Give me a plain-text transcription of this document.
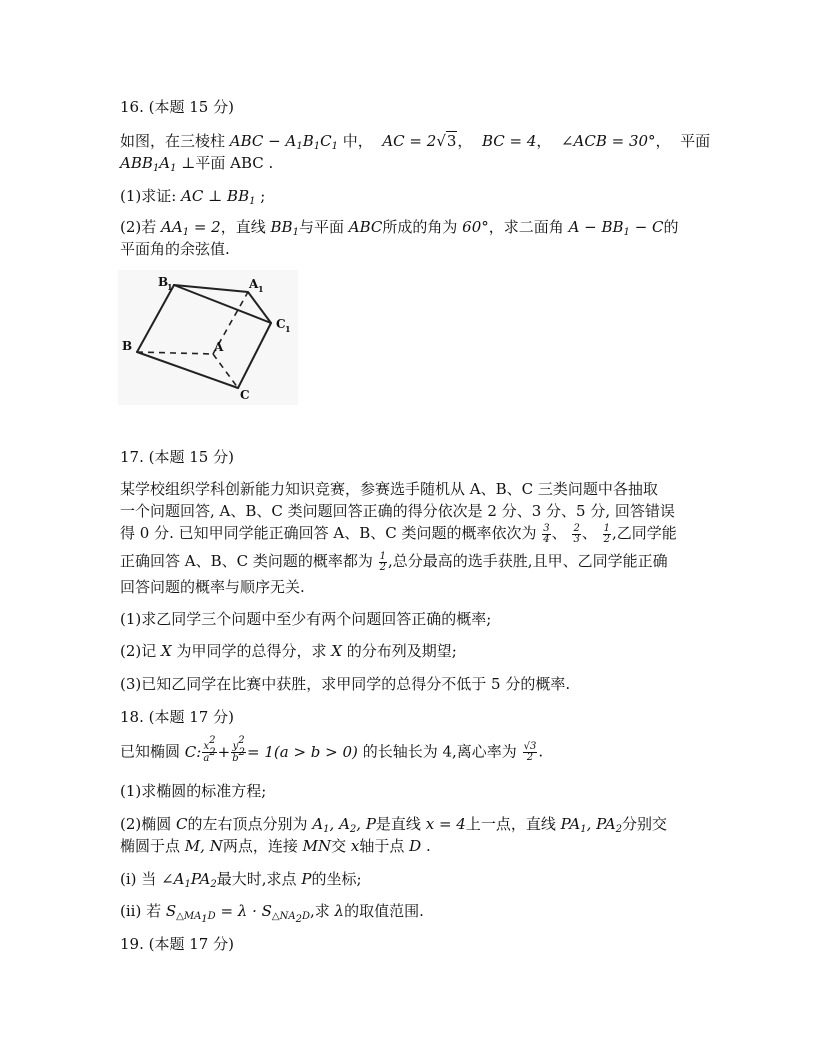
16. (本题 15 分)
如图，在三棱柱 ABC − $A_1B_1C_1$ 中， AC = 2√3，  BC = 4，  ∠ACB = 30°，  平面
$ABB_1A_1$ ⊥平面 ABC .
(1)求证: AC ⊥ $BB_1$ ;
(2)若 $AA_1 = 2$，直线 $BB_1$与平面 ABC所成的角为 60°，求二面角 $A - BB_1 - C$的
平面角的余弦值.
B
1	A 1
C 1
B	A
C
17. (本题 15 分)
某学校组织学科创新能力知识竞赛，参赛选手随机从 A、B、C 三类问题中各抽取
一个问题回答, A、B、C 类问题回答正确的得分依次是 2 分、3 分、5 分, 回答错误
得 0 分. 已知甲同学能正确回答 A、B、C 类问题的概率依次为 $\frac{3}{4}$ 、 $\frac{2}{3}$ 、 $\frac{1}{2}$ ,乙同学能
正确回答 A、B、C 类问题的概率都为 $\frac{1}{2}$ ,总分最高的选手获胜,且甲、乙同学能正确
回答问题的概率与顺序无关.
(1)求乙同学三个问题中至少有两个问题回答正确的概率;
(2)记 X 为甲同学的总得分，求 X 的分布列及期望;
(3)已知乙同学在比赛中获胜，求甲同学的总得分不低于 5 分的概率.
18. (本题 17 分)
已知椭圆 C: $\frac{x^2}{a^2} + \frac{y^2}{b^2} = 1(a > b > 0)$ 的长轴长为 4,离心率为 $\frac{√3}{2}$ .
(1)求椭圆的标准方程;
(2)椭圆 C的左右顶点分别为 $A_1$, $A_2$, P是直线 x = 4上一点，直线 $PA_1$, $PA_2$分别交
椭圆于点 M, N两点，连接 MN交 x轴于点 D .
(i) 当 $\angle A_1PA_2$最大时,求点 P的坐标;
(ii) 若 $S_{\triangle MA_1D} = \lambda \cdot S_{\triangle NA_2D}$,求 λ的取值范围.
19. (本题 17 分)
